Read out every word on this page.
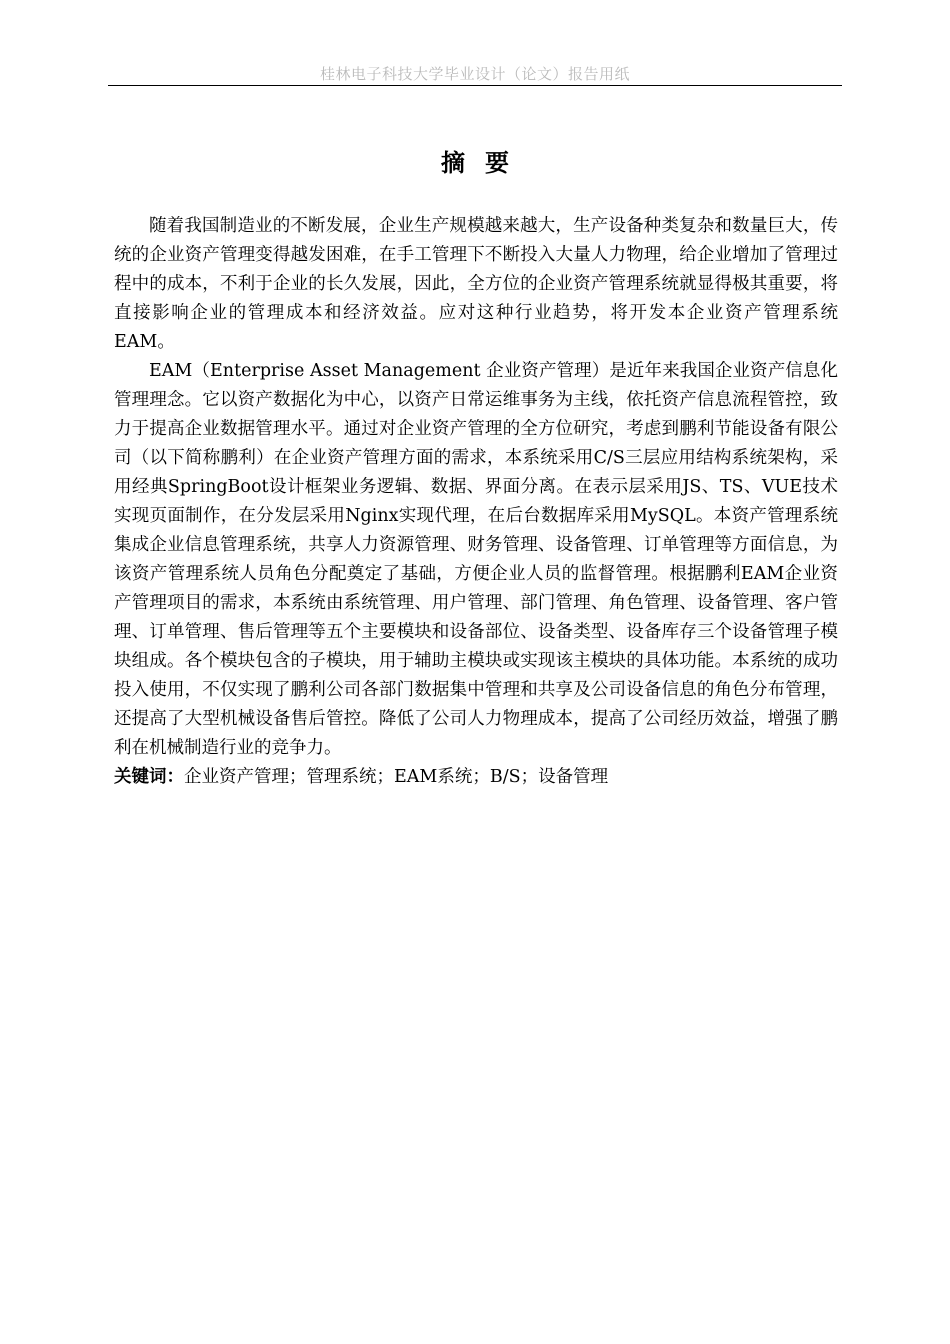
桂林电子科技大学毕业设计（论文）报告用纸
摘要

随着我国制造业的不断发展，企业生产规模越来越大，生产设备种类复杂和数量巨大，传统的企业资产管理变得越发困难，在手工管理下不断投入大量人力物理，给企业增加了管理过程中的成本，不利于企业的长久发展，因此，全方位的企业资产管理系统就显得极其重要，将直接影响企业的管理成本和经济效益。应对这种行业趋势，将开发本企业资产管理系统EAM。

EAM（Enterprise Asset Management 企业资产管理）是近年来我国企业资产信息化管理理念。它以资产数据化为中心，以资产日常运维事务为主线，依托资产信息流程管控，致力于提高企业数据管理水平。通过对企业资产管理的全方位研究，考虑到鹏利节能设备有限公司（以下简称鹏利）在企业资产管理方面的需求，本系统采用C/S三层应用结构系统架构，采用经典SpringBoot设计框架业务逻辑、数据、界面分离。在表示层采用JS、TS、VUE技术实现页面制作，在分发层采用Nginx实现代理，在后台数据库采用MySQL。本资产管理系统集成企业信息管理系统，共享人力资源管理、财务管理、设备管理、订单管理等方面信息，为该资产管理系统人员角色分配奠定了基础，方便企业人员的监督管理。根据鹏利EAM企业资产管理项目的需求，本系统由系统管理、用户管理、部门管理、角色管理、设备管理、客户管理、订单管理、售后管理等五个主要模块和设备部位、设备类型、设备库存三个设备管理子模块组成。各个模块包含的子模块，用于辅助主模块或实现该主模块的具体功能。本系统的成功投入使用，不仅实现了鹏利公司各部门数据集中管理和共享及公司设备信息的角色分布管理，还提高了大型机械设备售后管控。降低了公司人力物理成本，提高了公司经历效益，增强了鹏利在机械制造行业的竞争力。

关键词：企业资产管理；管理系统；EAM系统；B/S；设备管理
